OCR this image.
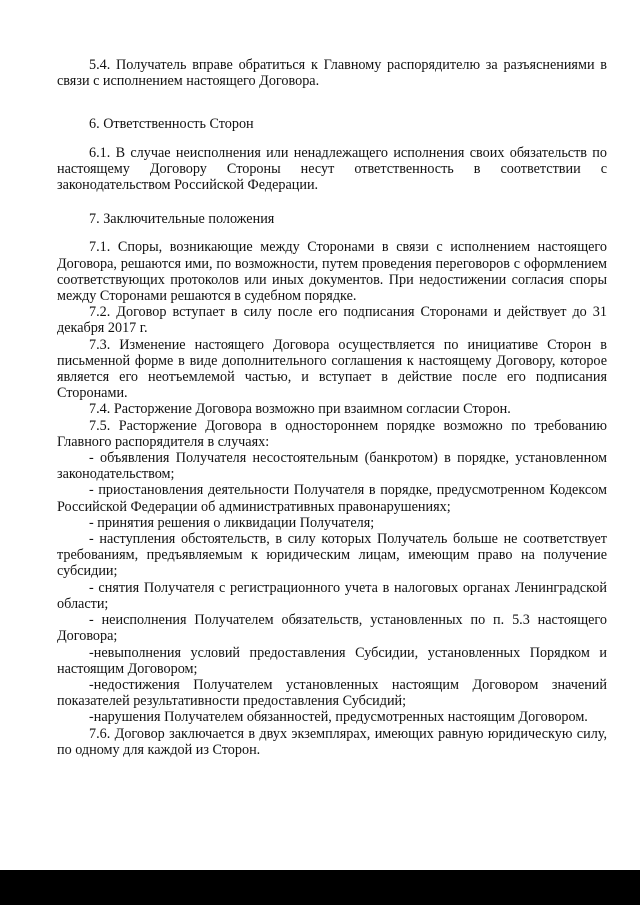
5.4. Получатель вправе обратиться к Главному распорядителю за разъяснениями в связи с исполнением настоящего Договора.

6. Ответственность Сторон

6.1. В случае неисполнения или ненадлежащего исполнения своих обязательств по настоящему Договору Стороны несут ответственность в соответствии с законодательством Российской Федерации.

7. Заключительные положения

7.1. Споры, возникающие между Сторонами в связи с исполнением настоящего Договора, решаются ими, по возможности, путем проведения переговоров с оформлением соответствующих протоколов или иных документов. При недостижении согласия споры между Сторонами решаются в судебном порядке.

7.2. Договор вступает в силу после его подписания Сторонами и действует до 31 декабря 2017 г.

7.3. Изменение настоящего Договора осуществляется по инициативе Сторон в письменной форме в виде дополнительного соглашения к настоящему Договору, которое является его неотъемлемой частью, и вступает в действие после его подписания Сторонами.

7.4. Расторжение Договора возможно при взаимном согласии Сторон.

7.5. Расторжение Договора в одностороннем порядке возможно по требованию Главного распорядителя в случаях:

- объявления Получателя несостоятельным (банкротом) в порядке, установленном законодательством;

- приостановления деятельности Получателя в порядке, предусмотренном Кодексом Российской Федерации об административных правонарушениях;

- принятия решения о ликвидации Получателя;

- наступления обстоятельств, в силу которых Получатель больше не соответствует требованиям, предъявляемым к юридическим лицам, имеющим право на получение субсидии;

- снятия Получателя с регистрационного учета в налоговых органах Ленинградской области;

- неисполнения Получателем обязательств, установленных по п. 5.3 настоящего Договора;

-невыполнения условий предоставления Субсидии, установленных Порядком и настоящим Договором;

-недостижения Получателем установленных настоящим Договором значений показателей результативности предоставления Субсидий;

-нарушения Получателем обязанностей, предусмотренных настоящим Договором.

7.6. Договор заключается в двух экземплярах, имеющих равную юридическую силу, по одному для каждой из Сторон.
